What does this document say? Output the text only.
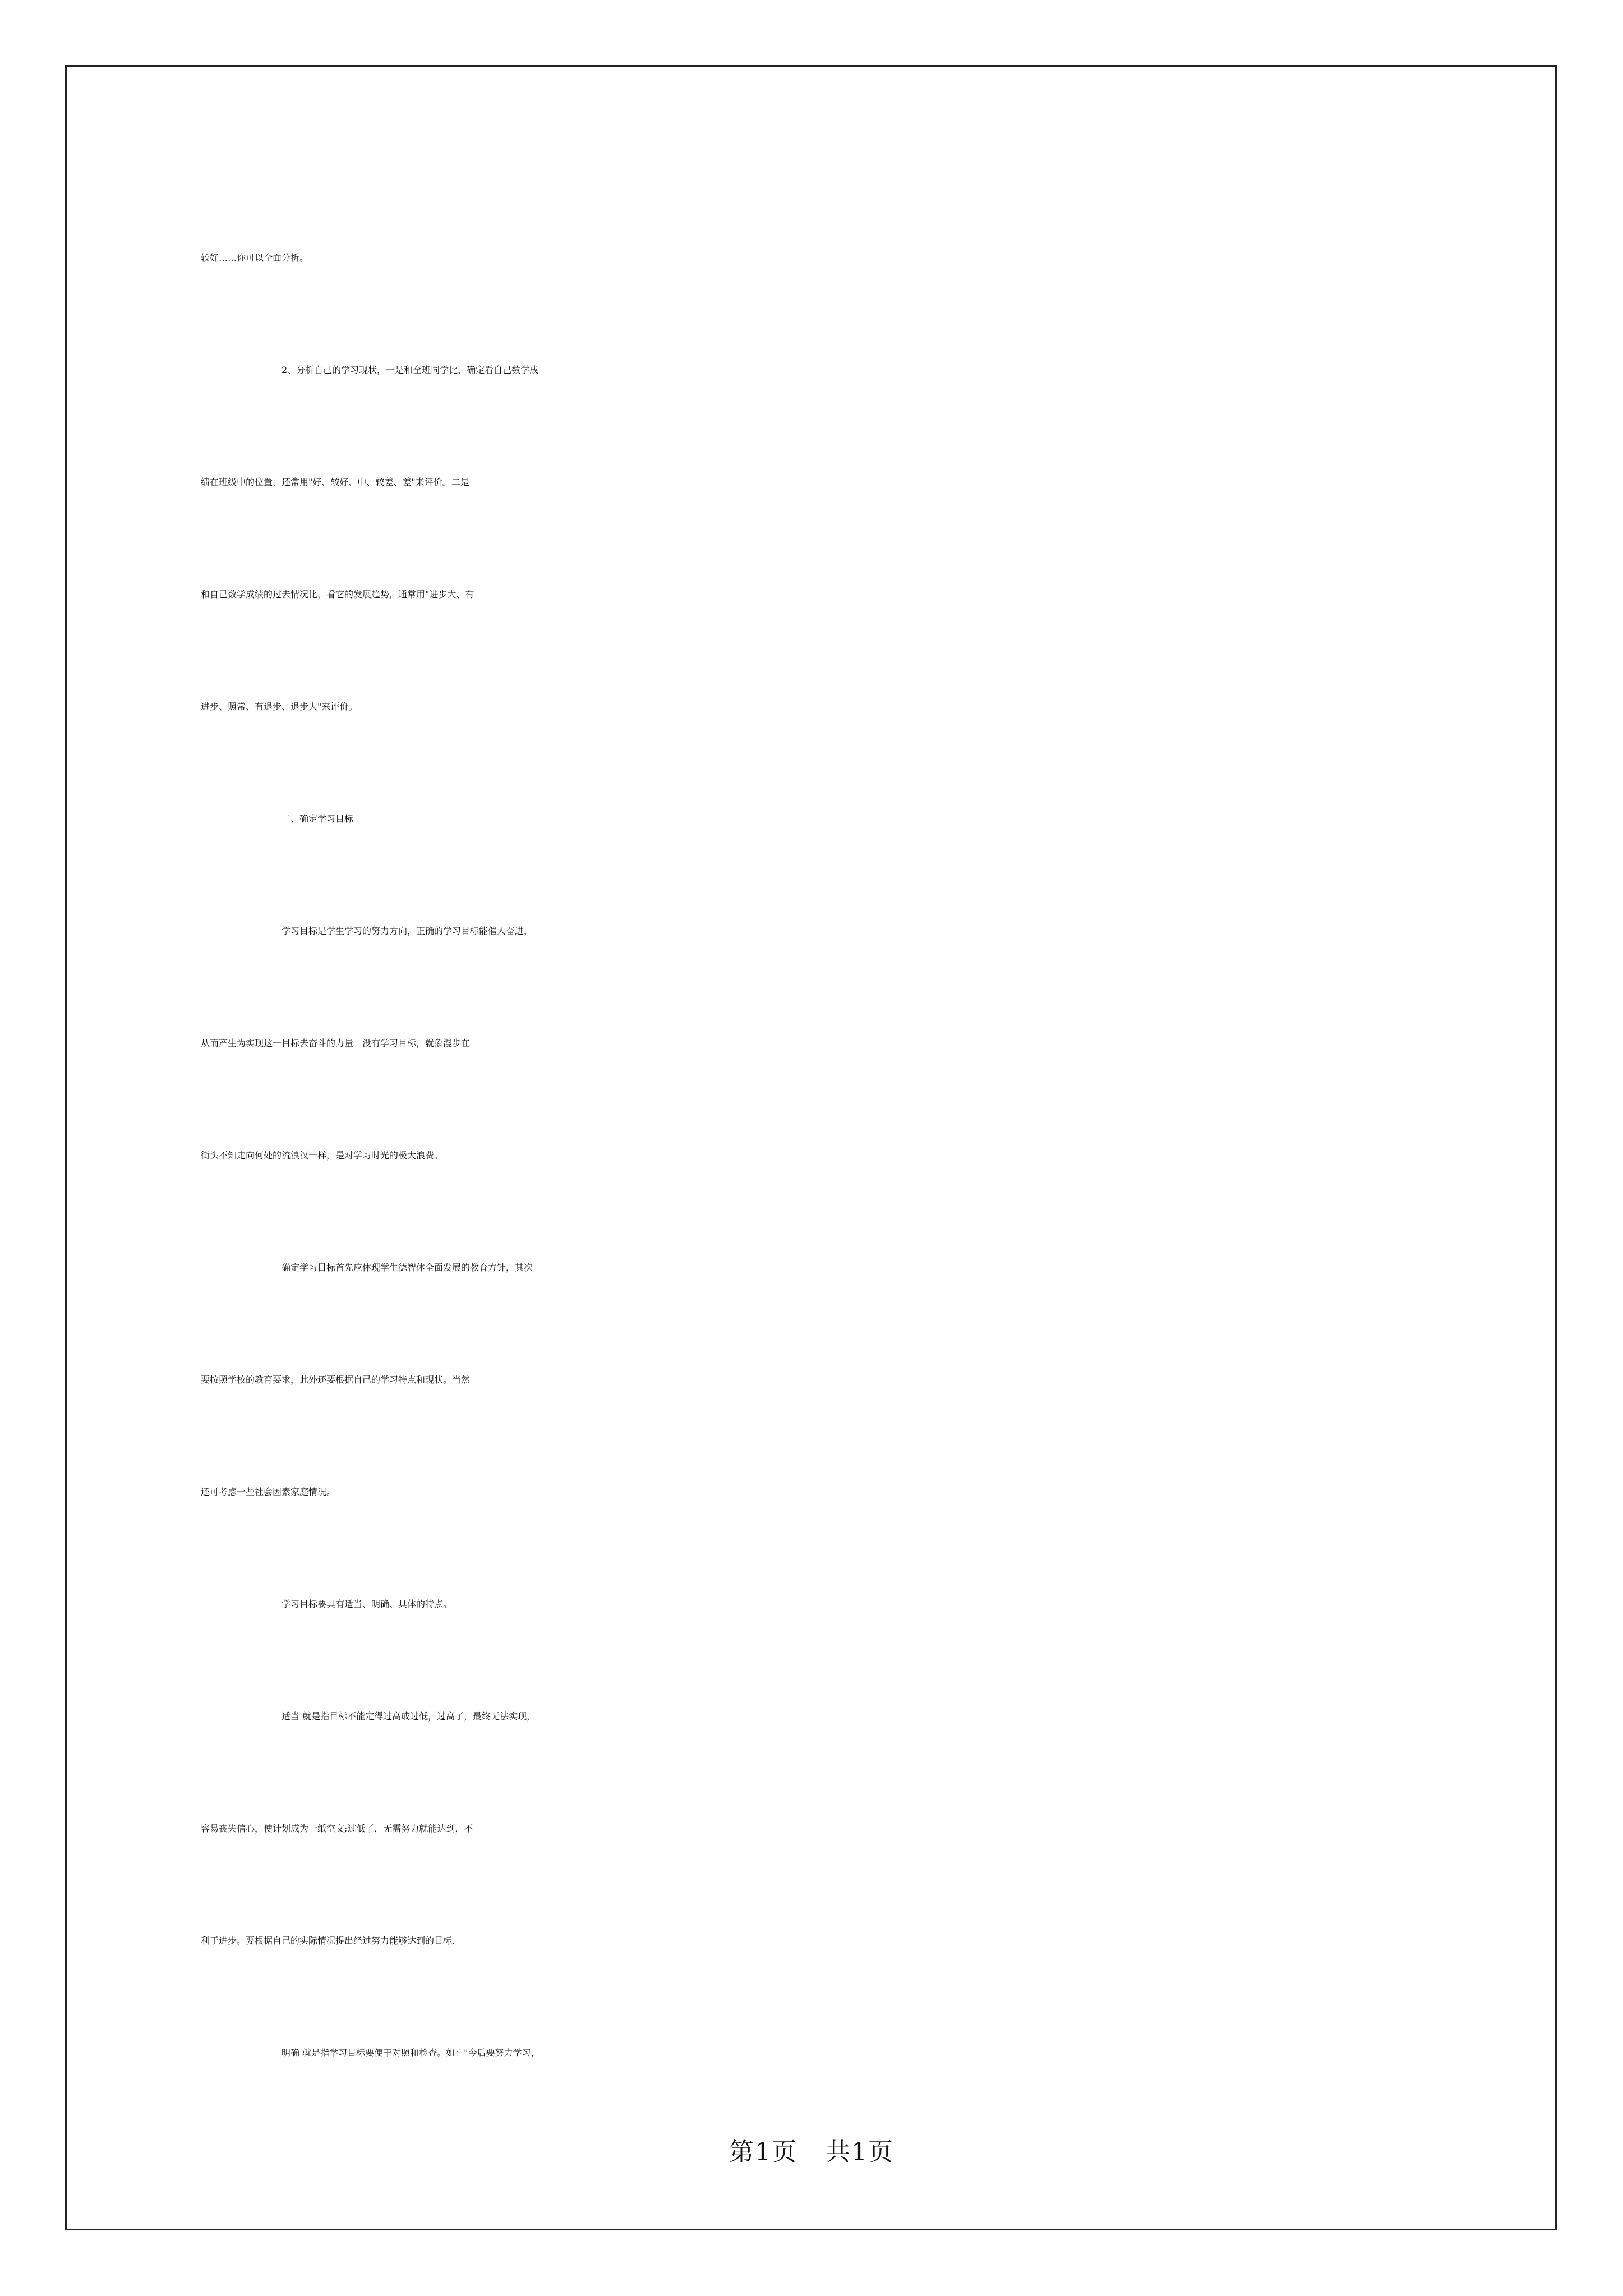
较好……你可以全面分析。
2、分析自己的学习现状，一是和全班同学比，确定看自己数学成
绩在班级中的位置，还常用"好、较好、中、较差、差"来评价。二是
和自己数学成绩的过去情况比，看它的发展趋势，通常用"进步大、有
进步、照常、有退步、退步大"来评价。
二、确定学习目标
学习目标是学生学习的努力方向，正确的学习目标能催人奋进，
从而产生为实现这一目标去奋斗的力量。没有学习目标，就象漫步在
街头不知走向何处的流浪汉一样，是对学习时光的极大浪费。
确定学习目标首先应体现学生德智体全面发展的教育方针，其次
要按照学校的教育要求，此外还要根据自己的学习特点和现状。当然
还可考虑一些社会因素家庭情况。
学习目标要具有适当、明确、具体的特点。
适当 就是指目标不能定得过高或过低，过高了，最终无法实现，
容易丧失信心，使计划成为一纸空文;过低了，无需努力就能达到，不
利于进步。要根据自己的实际情况提出经过努力能够达到的目标.
明确 就是指学习目标要便于对照和检查。如："今后要努力学习，
第1页 共1页
